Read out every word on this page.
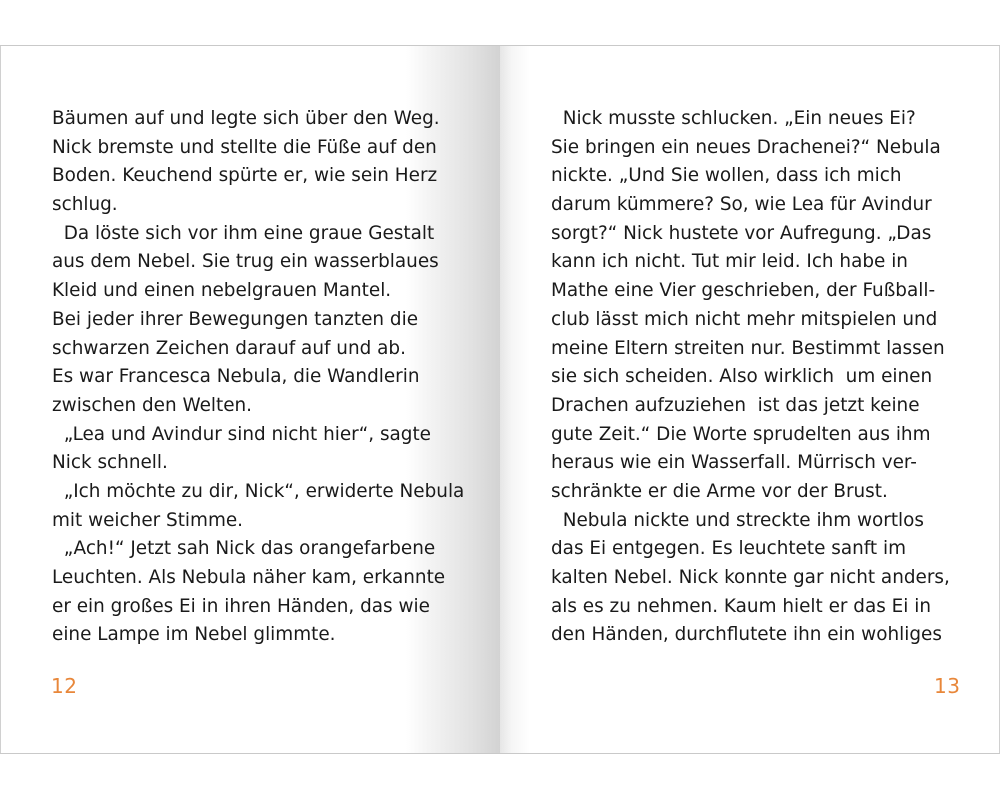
Bäumen auf und legte sich über den Weg.
Nick bremste und stellte die Füße auf den
Boden. Keuchend spürte er, wie sein Herz
schlug.
Da löste sich vor ihm eine graue Gestalt
aus dem Nebel. Sie trug ein wasserblaues
Kleid und einen nebelgrauen Mantel.
Bei jeder ihrer Bewegungen tanzten die
schwarzen Zeichen darauf auf und ab.
Es war Francesca Nebula, die Wandlerin
zwischen den Welten.
„Lea und Avindur sind nicht hier“, sagte
Nick schnell.
„Ich möchte zu dir, Nick“, erwiderte Nebula
mit weicher Stimme.
„Ach!“ Jetzt sah Nick das orangefarbene
Leuchten. Als Nebula näher kam, erkannte
er ein großes Ei in ihren Händen, das wie
eine Lampe im Nebel glimmte.
12
Nick musste schlucken. „Ein neues Ei?
Sie bringen ein neues Drachenei?“ Nebula
nickte. „Und Sie wollen, dass ich mich
darum kümmere? So, wie Lea für Avindur
sorgt?“ Nick hustete vor Aufregung. „Das
kann ich nicht. Tut mir leid. Ich habe in
Mathe eine Vier geschrieben, der Fußball-
club lässt mich nicht mehr mitspielen und
meine Eltern streiten nur. Bestimmt lassen
sie sich scheiden. Also wirklich  um einen
Drachen aufzuziehen  ist das jetzt keine
gute Zeit.“ Die Worte sprudelten aus ihm
heraus wie ein Wasserfall. Mürrisch ver-
schränkte er die Arme vor der Brust.
Nebula nickte und streckte ihm wortlos
das Ei entgegen. Es leuchtete sanft im
kalten Nebel. Nick konnte gar nicht anders,
als es zu nehmen. Kaum hielt er das Ei in
den Händen, durchflutete ihn ein wohliges
13
